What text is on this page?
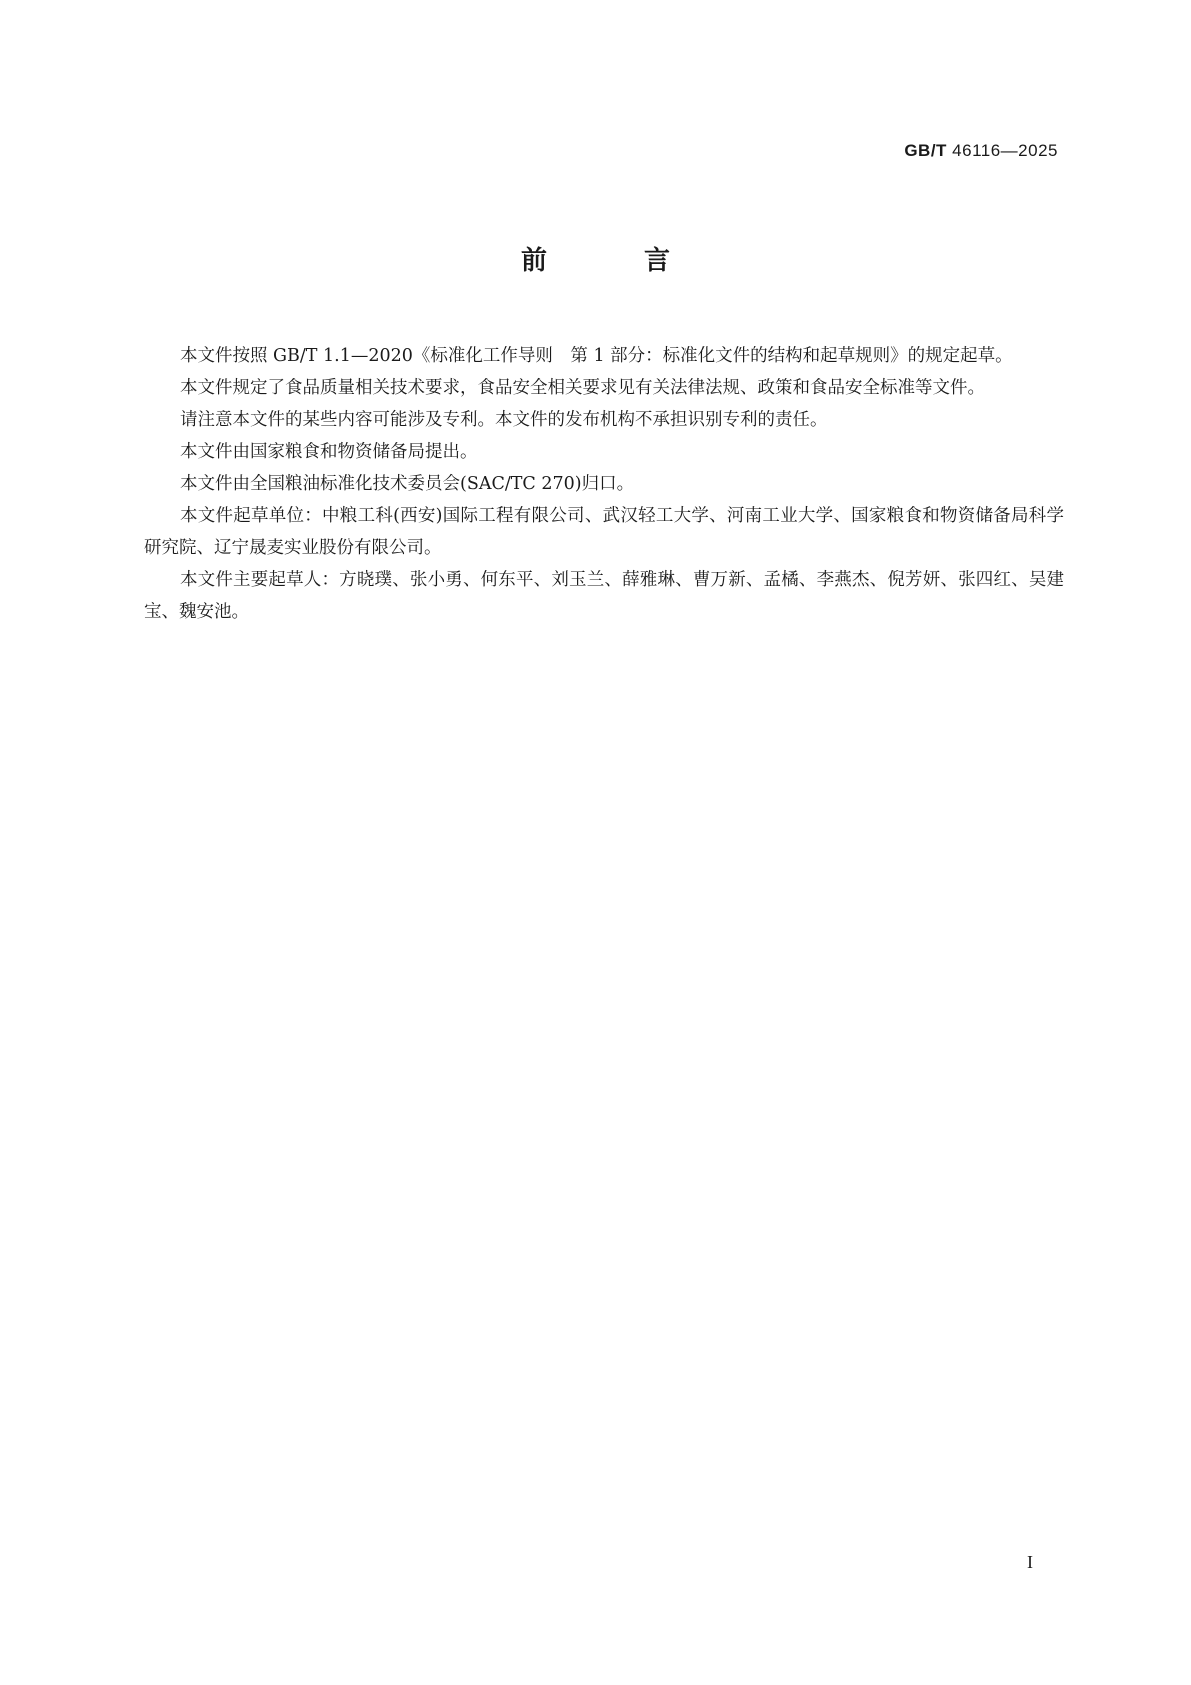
GB/T 46116—2025
前 言

本文件按照 GB/T 1.1—2020《标准化工作导则　第 1 部分：标准化文件的结构和起草规则》的规定起草。

本文件规定了食品质量相关技术要求，食品安全相关要求见有关法律法规、政策和食品安全标准等文件。

请注意本文件的某些内容可能涉及专利。本文件的发布机构不承担识别专利的责任。

本文件由国家粮食和物资储备局提出。

本文件由全国粮油标准化技术委员会(SAC/TC 270)归口。

本文件起草单位：中粮工科(西安)国际工程有限公司、武汉轻工大学、河南工业大学、国家粮食和物资储备局科学研究院、辽宁晟麦实业股份有限公司。

本文件主要起草人：方晓璞、张小勇、何东平、刘玉兰、薛雅琳、曹万新、孟橘、李燕杰、倪芳妍、张四红、吴建宝、魏安池。

I
